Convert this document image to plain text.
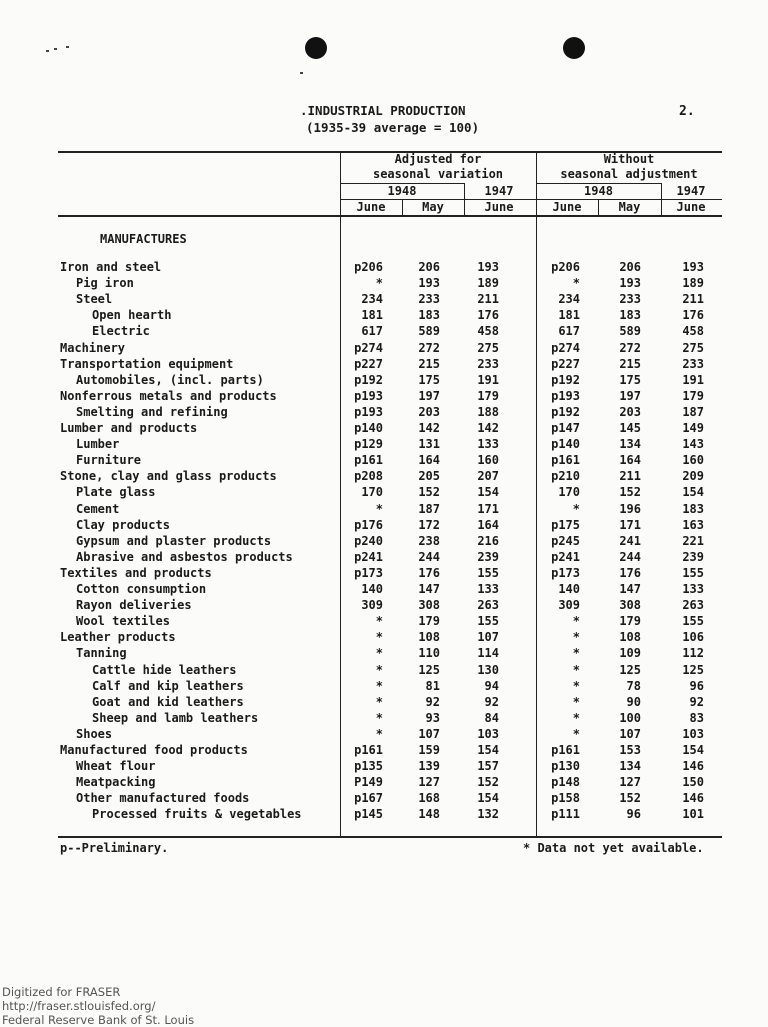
.INDUSTRIAL PRODUCTION
(1935-39 average = 100)
2.
Adjusted for
seasonal variation
Without
seasonal adjustment
1948	1947	1948	1947
June	May	June	June	May	June
MANUFACTURES
Iron and steel	p206	206	193	p206	206	193
Pig iron	*	193	189	*	193	189
Steel	234	233	211	234	233	211
Open hearth	181	183	176	181	183	176
Electric	617	589	458	617	589	458
Machinery	p274	272	275	p274	272	275
Transportation equipment	p227	215	233	p227	215	233
Automobiles, (incl. parts)	p192	175	191	p192	175	191
Nonferrous metals and products	p193	197	179	p193	197	179
Smelting and refining	p193	203	188	p192	203	187
Lumber and products	p140	142	142	p147	145	149
Lumber	p129	131	133	p140	134	143
Furniture	p161	164	160	p161	164	160
Stone, clay and glass products	p208	205	207	p210	211	209
Plate glass	170	152	154	170	152	154
Cement	*	187	171	*	196	183
Clay products	p176	172	164	p175	171	163
Gypsum and plaster products	p240	238	216	p245	241	221
Abrasive and asbestos products	p241	244	239	p241	244	239
Textiles and products	p173	176	155	p173	176	155
Cotton consumption	140	147	133	140	147	133
Rayon deliveries	309	308	263	309	308	263
Wool textiles	*	179	155	*	179	155
Leather products	*	108	107	*	108	106
Tanning	*	110	114	*	109	112
Cattle hide leathers	*	125	130	*	125	125
Calf and kip leathers	*	81	94	*	78	96
Goat and kid leathers	*	92	92	*	90	92
Sheep and lamb leathers	*	93	84	*	100	83
Shoes	*	107	103	*	107	103
Manufactured food products	p161	159	154	p161	153	154
Wheat flour	p135	139	157	p130	134	146
Meatpacking	P149	127	152	p148	127	150
Other manufactured foods	p167	168	154	p158	152	146
Processed fruits & vegetables	p145	148	132	p111	96	101
p--Preliminary.	* Data not yet available.
Digitized for FRASER
http://fraser.stlouisfed.org/
Federal Reserve Bank of St. Louis
